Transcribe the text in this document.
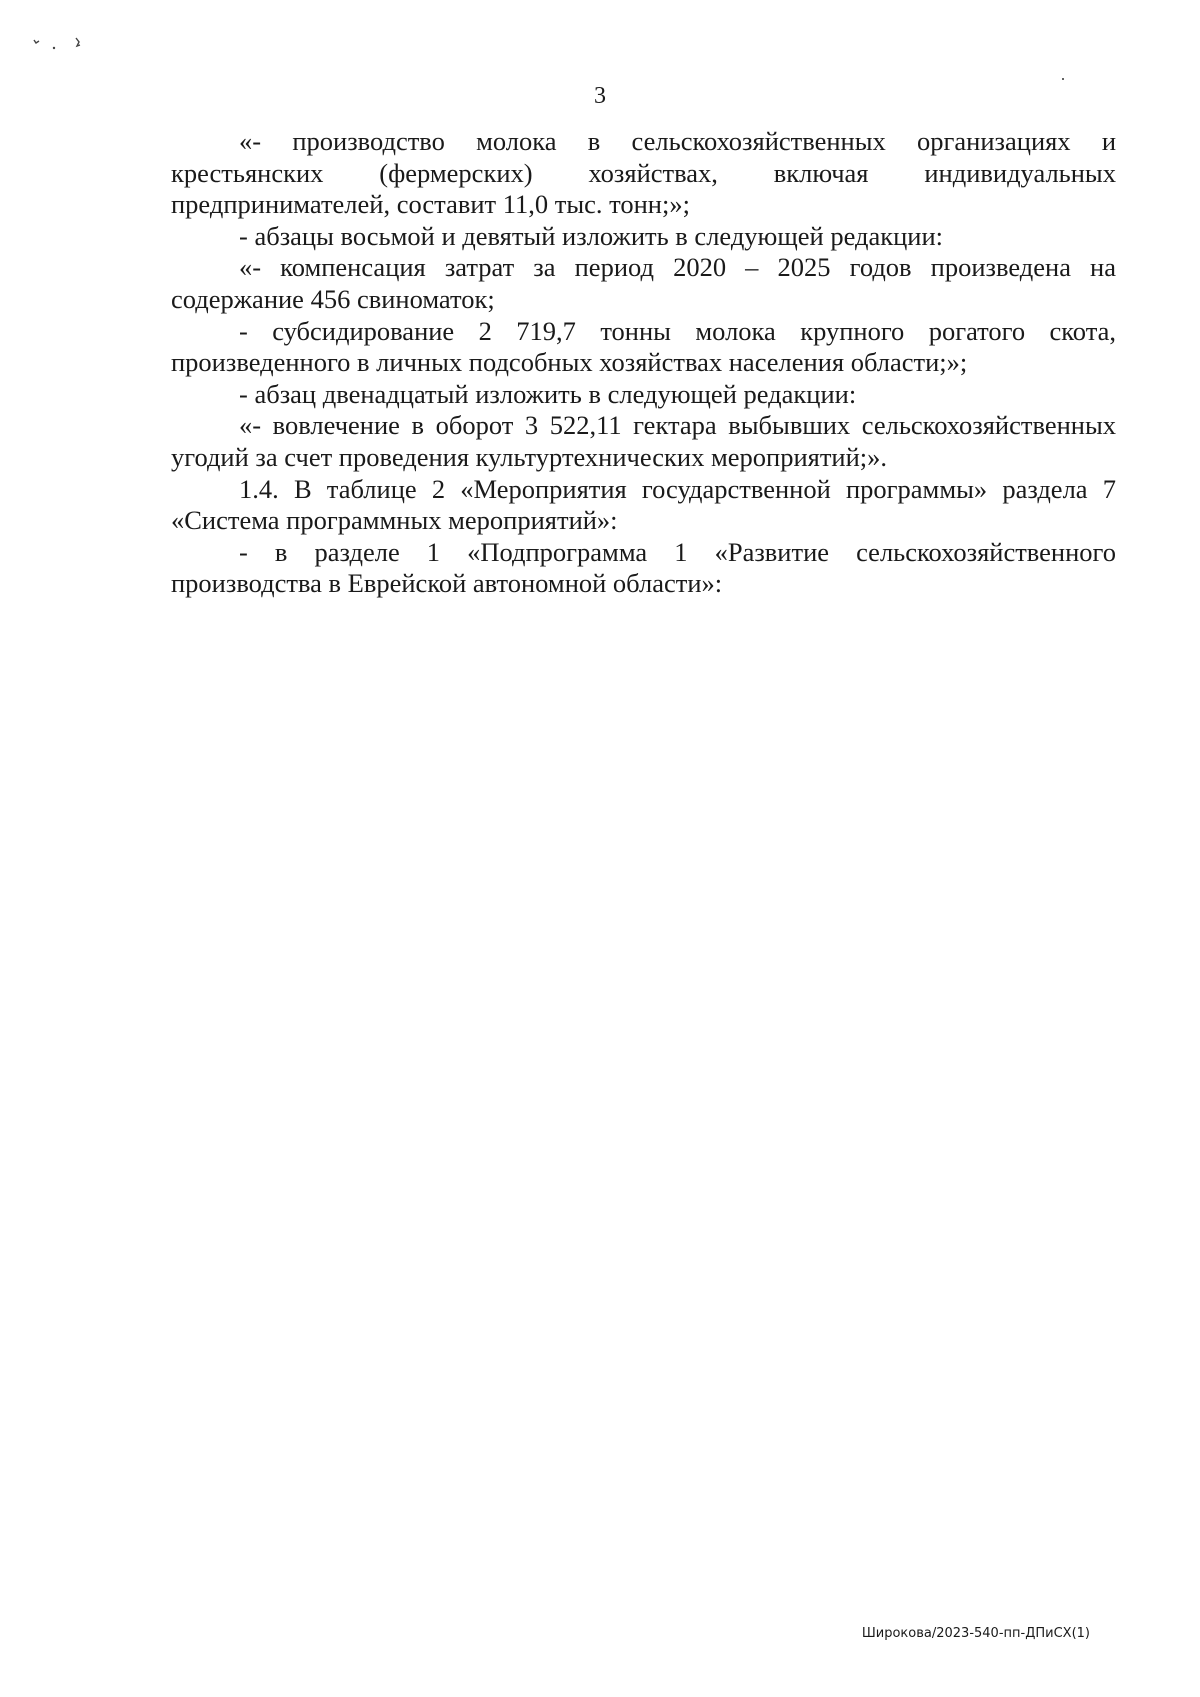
3

«- производство молока в сельскохозяйственных организациях и крестьянских (фермерских) хозяйствах, включая индивидуальных предпринимателей, составит 11,0 тыс. тонн;»;

- абзацы восьмой и девятый изложить в следующей редакции:

«- компенсация затрат за период 2020 – 2025 годов произведена на содержание 456 свиноматок;

- субсидирование 2 719,7 тонны молока крупного рогатого скота, произведенного в личных подсобных хозяйствах населения области;»;

- абзац двенадцатый изложить в следующей редакции:

«- вовлечение в оборот 3 522,11 гектара выбывших сельскохозяйственных угодий за счет проведения культуртехнических мероприятий;».

1.4. В таблице 2 «Мероприятия государственной программы» раздела 7 «Система программных мероприятий»:

- в разделе 1 «Подпрограмма 1 «Развитие сельскохозяйственного производства в Еврейской автономной области»:

Широкова/2023-540-пп-ДПиСХ(1)
